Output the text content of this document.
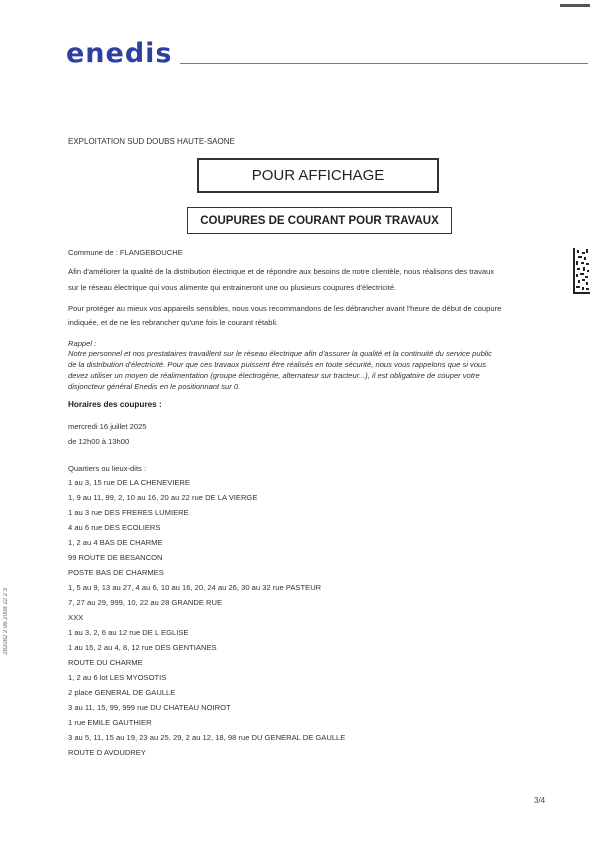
enedis
EXPLOITATION SUD DOUBS HAUTE-SAONE
POUR AFFICHAGE
COUPURES DE COURANT POUR TRAVAUX
Commune de : FLANGEBOUCHE
Afin d'améliorer la qualité de la distribution électrique et de répondre aux besoins de notre clientèle, nous réalisons des travaux
sur le réseau électrique qui vous alimente qui entraineront une ou plusieurs coupures d'électricité.
Pour protéger au mieux vos appareils sensibles, nous vous recommandons de les débrancher avant l'heure de début de coupure
indiquée, et de ne les rebrancher qu'une fois le courant rétabli.
Rappel :
Notre personnel et nos prestataires travaillent sur le réseau électrique afin d'assurer la qualité et la continuité du service public
de la distribution d'électricité. Pour que ces travaux puissent être réalisés en toute sécurité, nous vous rappelons que si vous
devez utiliser un moyen de réalimentation (groupe électrogène, alternateur sur tracteur...), il est obligatoire de couper votre
disjoncteur général Enedis en le positionnant sur 0.
Horaires des coupures :
mercredi 16 juillet 2025
de 12h00 à 13h00
Quartiers ou lieux-dits :
1 au 3, 15 rue DE LA CHENEVIERE
1, 9 au 11, 99, 2, 10 au 16, 20 au 22 rue DE LA VIERGE
1 au 3 rue DES FRERES LUMIERE
4 au 6 rue DES ECOLIERS
1, 2 au 4 BAS DE CHARME
99 ROUTE DE BESANCON
POSTE BAS DE CHARMES
1, 5 au 9, 13 au 27, 4 au 6, 10 au 16, 20, 24 au 26, 30 au 32 rue PASTEUR
7, 27 au 29, 999, 10, 22 au 28 GRANDE RUE
XXX
1 au 3, 2, 6 au 12 rue DE L EGLISE
1 au 15, 2 au 4, 8, 12 rue DES GENTIANES
ROUTE DU CHARME
1, 2 au 6 lot LES MYOSOTIS
2 place GENERAL DE GAULLE
3 au 11, 15, 99, 999 rue DU CHATEAU NOIROT
1 rue EMILE GAUTHIER
3 au 5, 11, 15 au 19, 23 au 25, 29, 2 au 12, 18, 98 rue DU GENERAL DE GAULLE
ROUTE D AVOUDREY
282082 2 06 2008 22 2 3
3/4
